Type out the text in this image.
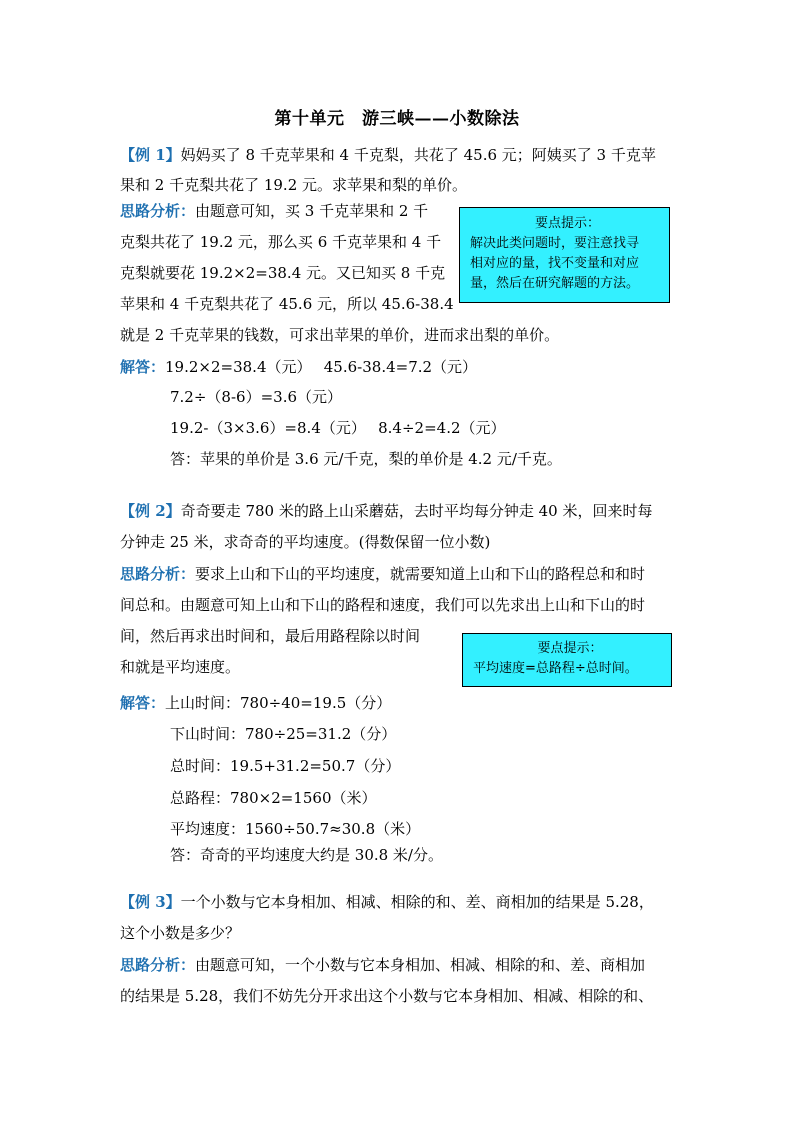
第十单元　游三峡——小数除法
【例 1】妈妈买了 8 千克苹果和 4 千克梨，共花了 45.6 元；阿姨买了 3 千克苹
果和 2 千克梨共花了 19.2 元。求苹果和梨的单价。
思路分析：由题意可知，买 3 千克苹果和 2 千
克梨共花了 19.2 元，那么买 6 千克苹果和 4 千
克梨就要花 19.2×2=38.4 元。又已知买 8 千克
苹果和 4 千克梨共花了 45.6 元，所以 45.6-38.4
就是 2 千克苹果的钱数，可求出苹果的单价，进而求出梨的单价。
要点提示：
解决此类问题时，要注意找寻
相对应的量，找不变量和对应
量，然后在研究解题的方法。
解答：19.2×2=38.4（元）　 45.6-38.4=7.2（元）
7.2÷（8-6）=3.6（元）
19.2-（3×3.6）=8.4（元）　 8.4÷2=4.2（元）
答：苹果的单价是 3.6 元/千克，梨的单价是 4.2 元/千克。
【例 2】奇奇要走 780 米的路上山采蘑菇，去时平均每分钟走 40 米，回来时每
分钟走 25 米，求奇奇的平均速度。(得数保留一位小数)
思路分析：要求上山和下山的平均速度，就需要知道上山和下山的路程总和和时
间总和。由题意可知上山和下山的路程和速度，我们可以先求出上山和下山的时
间，然后再求出时间和，最后用路程除以时间
和就是平均速度。
要点提示：
平均速度=总路程÷总时间。
解答：上山时间：780÷40=19.5（分）
下山时间：780÷25=31.2（分）
总时间：19.5+31.2=50.7（分）
总路程：780×2=1560（米）
平均速度：1560÷50.7≈30.8（米）
答：奇奇的平均速度大约是 30.8 米/分。
【例 3】一个小数与它本身相加、相减、相除的和、差、商相加的结果是 5.28，
这个小数是多少？
思路分析：由题意可知，一个小数与它本身相加、相减、相除的和、差、商相加
的结果是 5.28，我们不妨先分开求出这个小数与它本身相加、相减、相除的和、
